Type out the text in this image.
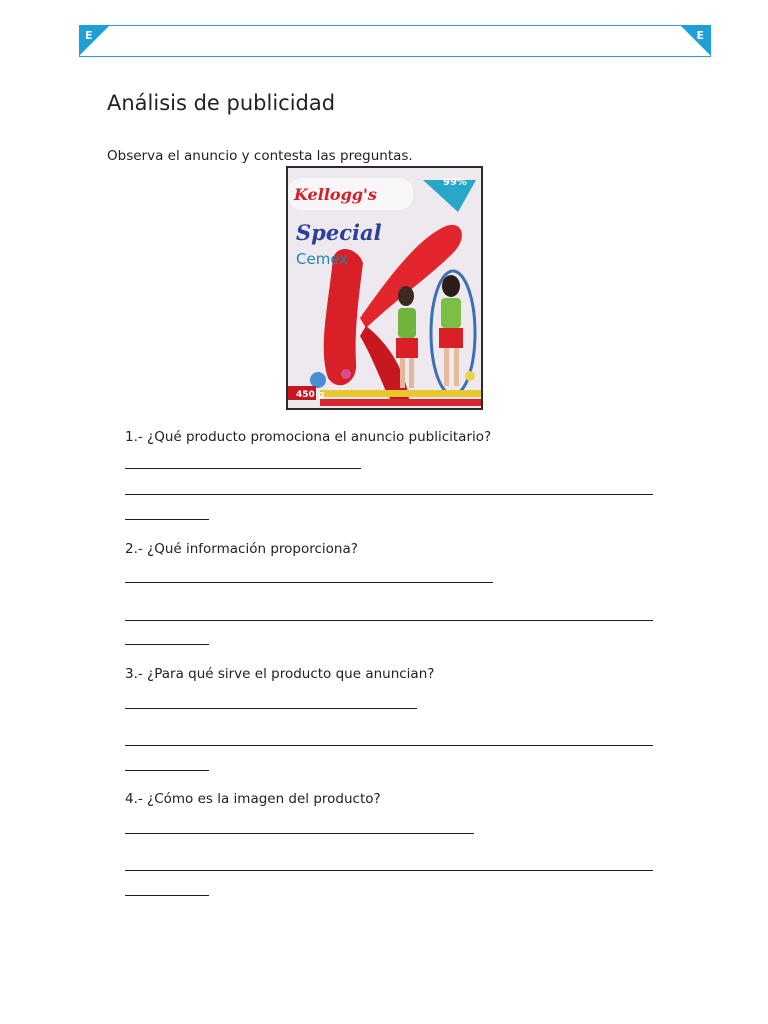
E	E
Análisis de publicidad

Observa el anuncio y contesta las preguntas.

Kellogg's
Special
Cemex
450 g
99%

1.- ¿Qué producto promociona el anuncio publicitario?

2.- ¿Qué información proporciona?

3.- ¿Para qué sirve el producto que anuncian?

4.- ¿Cómo es la imagen del producto?
